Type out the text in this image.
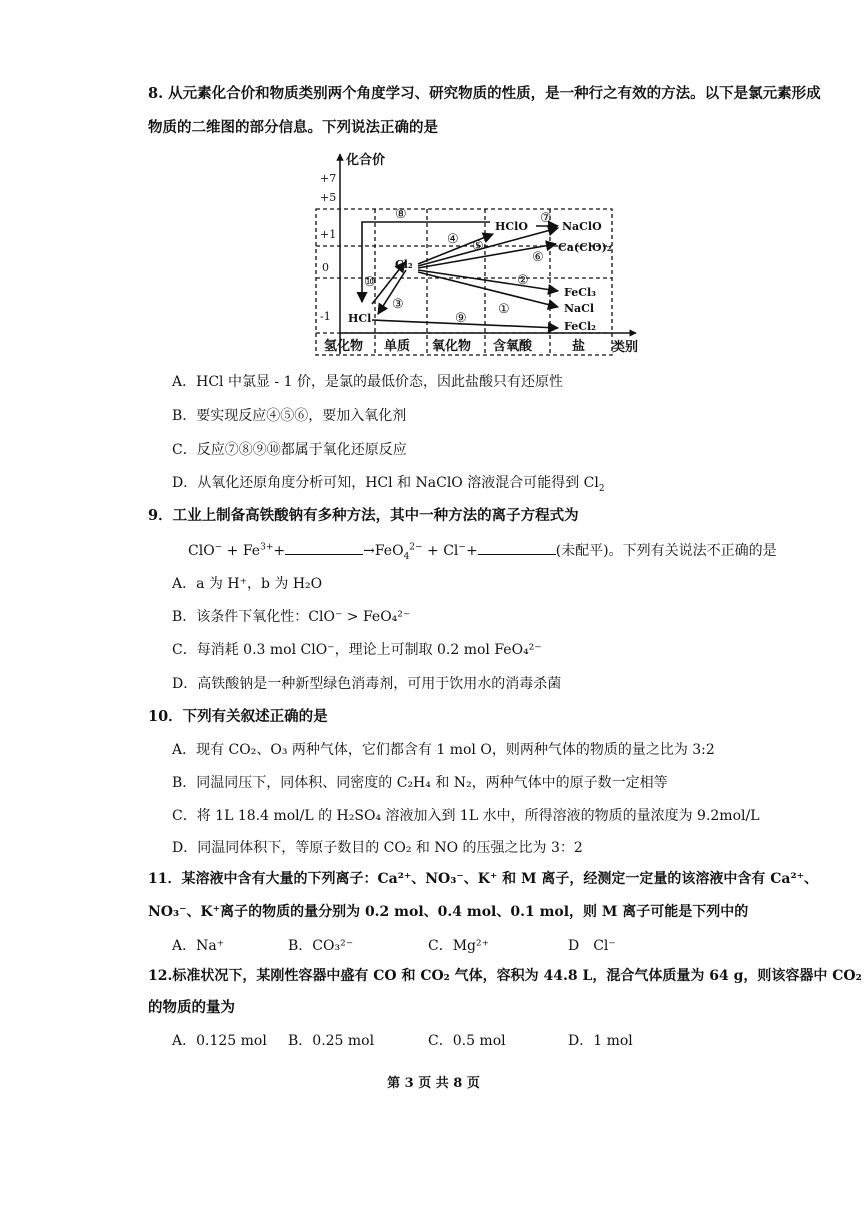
8. 从元素化合价和物质类别两个角度学习、研究物质的性质，是一种行之有效的方法。以下是氯元素形成
物质的二维图的部分信息。下列说法正确的是
化合价
类别
+7
+5
+1
0
-1
氢化物 单质 氧化物 含氧酸	盐
HCl
Cl₂
HClO	NaClO
Ca(ClO)₂
FeCl₃
NaCl
FeCl₂
⑧
④ ⑤
⑦
⑥
②
①
⑨
③
⑩
A．HCl 中氯显 - 1 价，是氯的最低价态，因此盐酸只有还原性
B．要实现反应④⑤⑥，要加入氧化剂
C．反应⑦⑧⑨⑩都属于氧化还原反应
D．从氧化还原角度分析可知，HCl 和 NaClO 溶液混合可能得到 $Cl_2$
9．工业上制备高铁酸钠有多种方法，其中一种方法的离子方程式为
$ClO^- + Fe^{3+}+$	→FeO$_4^{2-}$ + Cl−+	(未配平)。下列有关说法不正确的是
A．a 为 H⁺，b 为 H₂O
B．该条件下氧化性：ClO⁻ > FeO₄²⁻
C．每消耗 0.3 mol ClO⁻，理论上可制取 0.2 mol FeO₄²⁻
D．高铁酸钠是一种新型绿色消毒剂，可用于饮用水的消毒杀菌
10．下列有关叙述正确的是
A．现有 CO₂、O₃ 两种气体，它们都含有 1 mol O，则两种气体的物质的量之比为 3:2
B．同温同压下，同体积、同密度的 C₂H₄ 和 N₂，两种气体中的原子数一定相等
C．将 1L 18.4 mol/L 的 H₂SO₄ 溶液加入到 1L 水中，所得溶液的物质的量浓度为 9.2mol/L
D．同温同体积下，等原子数目的 CO₂ 和 NO 的压强之比为 3：2
11．某溶液中含有大量的下列离子：Ca²⁺、NO₃⁻、K⁺ 和 M 离子，经测定一定量的该溶液中含有 Ca²⁺、
NO₃⁻、K⁺离子的物质的量分别为 0.2 mol、0.4 mol、0.1 mol，则 M 离子可能是下列中的
A．Na⁺	B．CO₃²⁻	C．Mg²⁺	D　Cl⁻
12.标准状况下，某刚性容器中盛有 CO 和 CO₂ 气体，容积为 44.8 L，混合气体质量为 64 g，则该容器中 CO₂
的物质的量为
A．0.125 mol B．0.25 mol	C．0.5 mol	D．1 mol
第 3 页 共 8 页
